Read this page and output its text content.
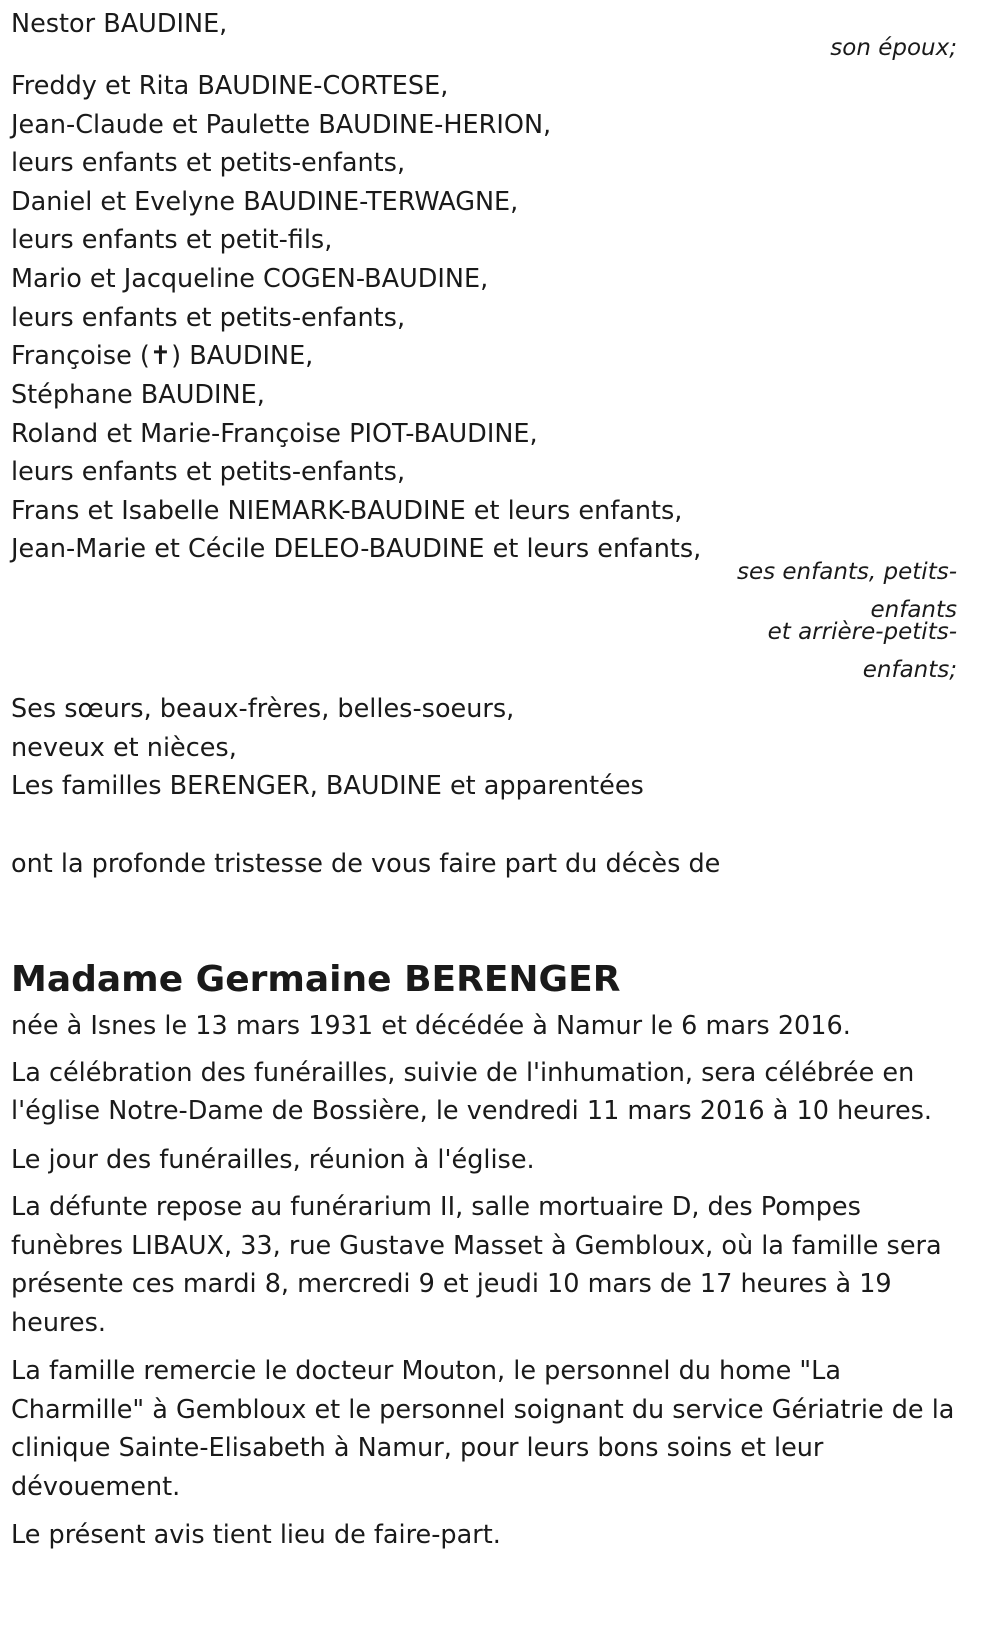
Nestor BAUDINE,

son époux;

Freddy et Rita BAUDINE-CORTESE,

Jean-Claude et Paulette BAUDINE-HERION,

leurs enfants et petits-enfants,

Daniel et Evelyne BAUDINE-TERWAGNE,

leurs enfants et petit-fils,

Mario et Jacqueline COGEN-BAUDINE,

leurs enfants et petits-enfants,

Françoise (✝) BAUDINE,

Stéphane BAUDINE,

Roland et Marie-Françoise PIOT-BAUDINE,

leurs enfants et petits-enfants,

Frans et Isabelle NIEMARK-BAUDINE et leurs enfants,

Jean-Marie et Cécile DELEO-BAUDINE et leurs enfants,

ses enfants, petits-

enfants

et arrière-petits-

enfants;

Ses sœurs, beaux-frères, belles-soeurs,

neveux et nièces,

Les familles BERENGER, BAUDINE et apparentées

ont la profonde tristesse de vous faire part du décès de

Madame Germaine BERENGER

née à Isnes le 13 mars 1931 et décédée à Namur le 6 mars 2016.

La célébration des funérailles, suivie de l'inhumation, sera célébrée en

l'église Notre-Dame de Bossière, le vendredi 11 mars 2016 à 10 heures.

Le jour des funérailles, réunion à l'église.

La défunte repose au funérarium II, salle mortuaire D, des Pompes

funèbres LIBAUX, 33, rue Gustave Masset à Gembloux, où la famille sera

présente ces mardi 8, mercredi 9 et jeudi 10 mars de 17 heures à 19

heures.

La famille remercie le docteur Mouton, le personnel du home "La

Charmille" à Gembloux et le personnel soignant du service Gériatrie de la

clinique Sainte-Elisabeth à Namur, pour leurs bons soins et leur

dévouement.

Le présent avis tient lieu de faire-part.
